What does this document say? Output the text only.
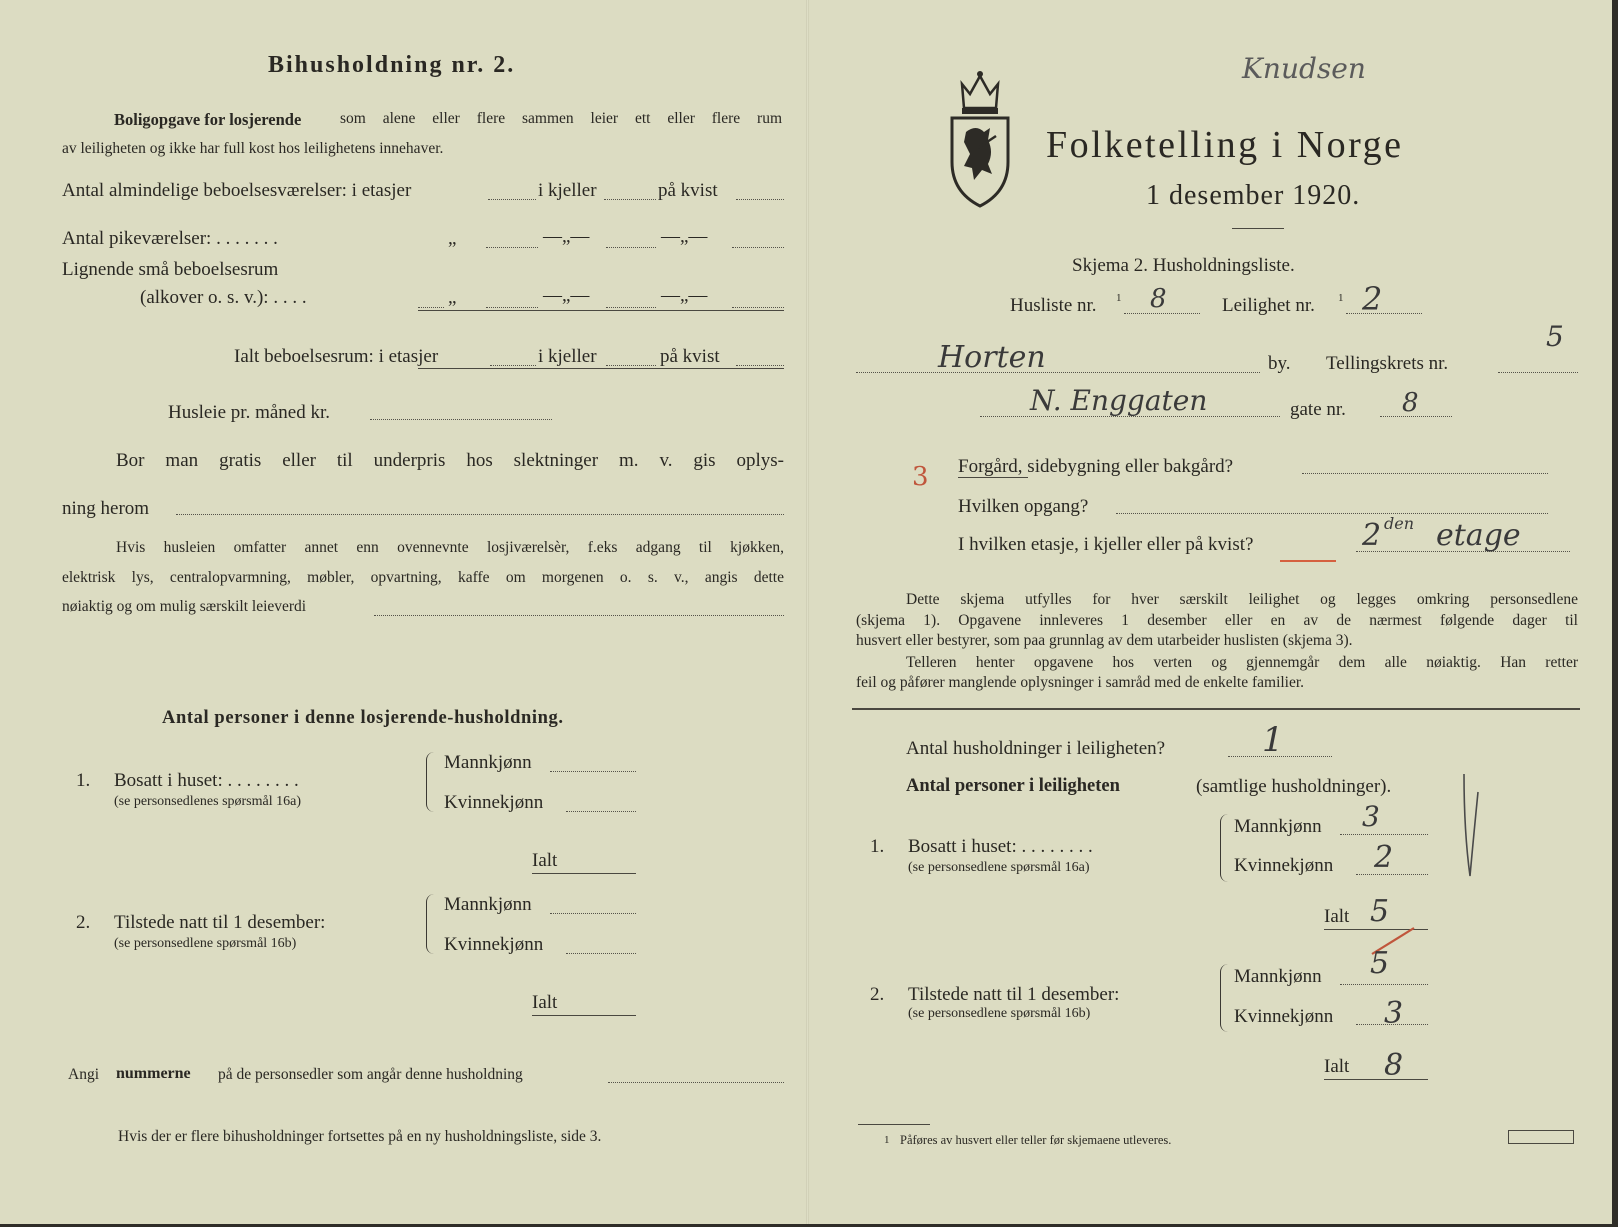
Bihusholdning nr. 2.
Boligopgave for losjerende som alene eller flere sammen leier ett eller flere rum
av leiligheten og ikke har full kost hos leilighetens innehaver.
Antal almindelige beboelsesværelser: i etasjer	i kjeller	på kvist
Antal pikeværelser: . . . . . . .	„	—„—	—„—
Lignende små beboelsesrum
(alkover o. s. v.): . . . .	„	—„—	—„—
Ialt beboelsesrum: i etasjer	i kjeller	på kvist
Husleie pr. måned kr.
Bor man gratis eller til underpris hos slektninger m. v. gis oplys-
ning herom
Hvis husleien omfatter annet enn ovennevnte losjiværelsèr, f.eks adgang til kjøkken,
elektrisk lys, centralopvarmning, møbler, opvartning, kaffe om morgenen o. s. v., angis dette
nøiaktig og om mulig særskilt leieverdi
Antal personer i denne losjerende-husholdning.
1. Bosatt i huset: . . . . . . . .
(se personsedlenes spørsmål 16a)
Mannkjønn
Kvinnekjønn
Ialt
2. Tilstede natt til 1 desember:
(se personsedlene spørsmål 16b)
Mannkjønn
Kvinnekjønn
Ialt
Angi nummerne på de personsedler som angår denne husholdning
Hvis der er flere bihusholdninger fortsettes på en ny husholdningsliste, side 3.
Folketelling i Norge
1 desember 1920.
Skjema 2. Husholdningsliste.
Husliste nr. 1 8	Leilighet nr. 1 2
Horten	by. Tellingskrets nr.
5
N. Enggaten	gate nr. 8
3 Forgård, sidebygning eller bakgård?
Hvilken opgang?
I hvilken etasje, i kjeller eller på kvist?	2 den etage
Dette skjema utfylles for hver særskilt leilighet og legges omkring personsedlene
(skjema 1). Opgavene innleveres 1 desember eller en av de nærmest følgende dager til
husvert eller bestyrer, som paa grunnlag av dem utarbeider huslisten (skjema 3).
Telleren henter opgavene hos verten og gjennemgår dem alle nøiaktig. Han retter
feil og påfører manglende oplysninger i samråd med de enkelte familier.
Antal husholdninger i leiligheten?	1
Antal personer i leiligheten	(samtlige husholdninger).
1. Bosatt i huset: . . . . . . . .
(se personsedlene spørsmål 16a)
Mannkjønn 3
Kvinnekjønn 2
Ialt 5
2. Tilstede natt til 1 desember:
(se personsedlene spørsmål 16b)
Mannkjønn 5
Kvinnekjønn 3
Ialt 8
Knudsen
1 Påføres av husvert eller teller før skjemaene utleveres.
